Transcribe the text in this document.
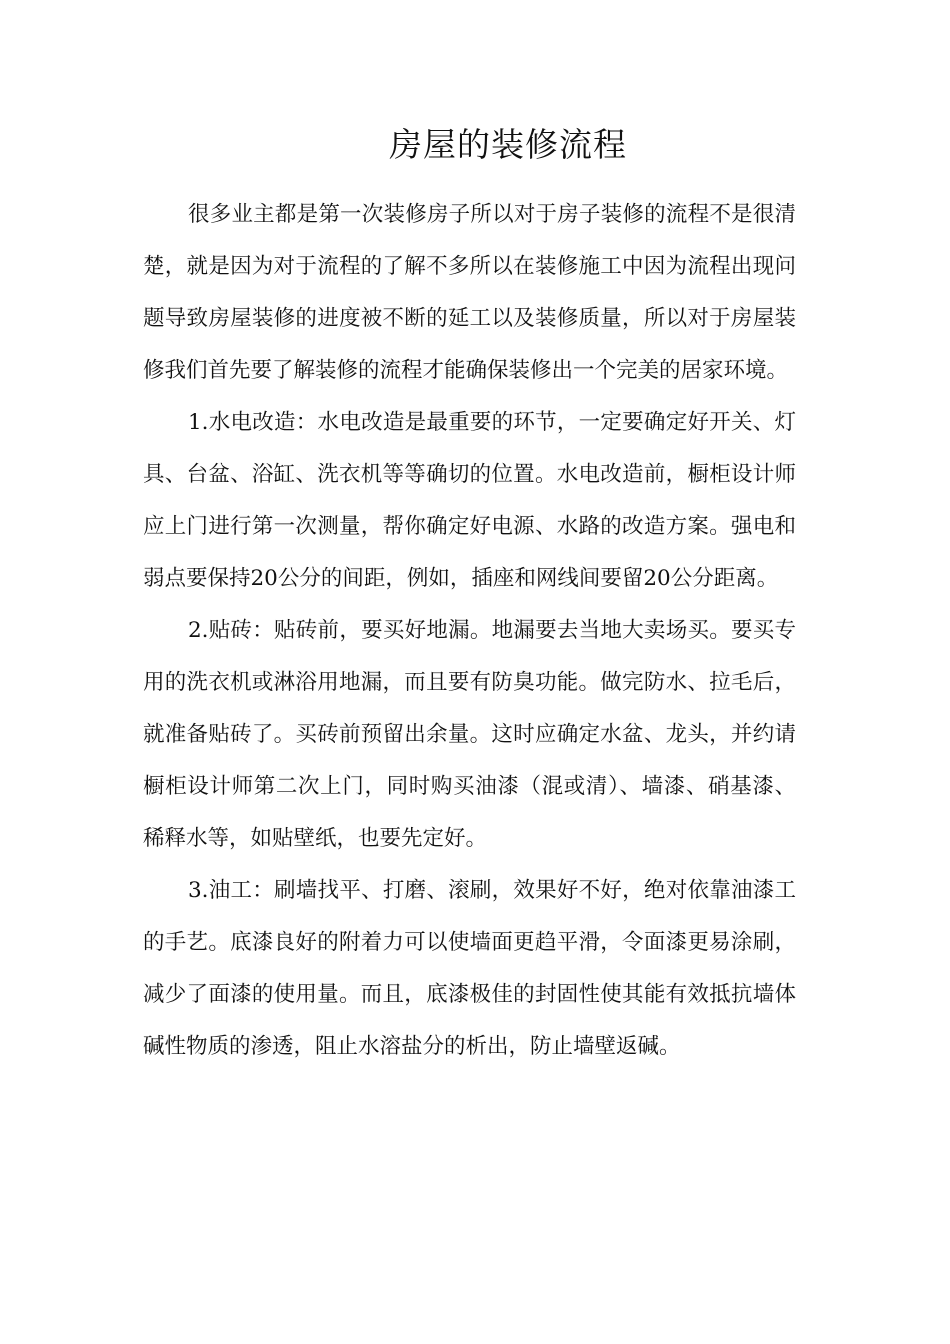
房屋的装修流程

很多业主都是第一次装修房子所以对于房子装修的流程不是很清楚，就是因为对于流程的了解不多所以在装修施工中因为流程出现问题导致房屋装修的进度被不断的延工以及装修质量，所以对于房屋装修我们首先要了解装修的流程才能确保装修出一个完美的居家环境。

1.水电改造：水电改造是最重要的环节，一定要确定好开关、灯具、台盆、浴缸、洗衣机等等确切的位置。水电改造前，橱柜设计师应上门进行第一次测量，帮你确定好电源、水路的改造方案。强电和弱点要保持20公分的间距，例如，插座和网线间要留20公分距离。

2.贴砖：贴砖前，要买好地漏。地漏要去当地大卖场买。要买专用的洗衣机或淋浴用地漏，而且要有防臭功能。做完防水、拉毛后，就准备贴砖了。买砖前预留出余量。这时应确定水盆、龙头，并约请橱柜设计师第二次上门，同时购买油漆（混或清）、墙漆、硝基漆、稀释水等，如贴壁纸，也要先定好。

3.油工：刷墙找平、打磨、滚刷，效果好不好，绝对依靠油漆工的手艺。底漆良好的附着力可以使墙面更趋平滑，令面漆更易涂刷，减少了面漆的使用量。而且，底漆极佳的封固性使其能有效抵抗墙体碱性物质的渗透，阻止水溶盐分的析出，防止墙壁返碱。
